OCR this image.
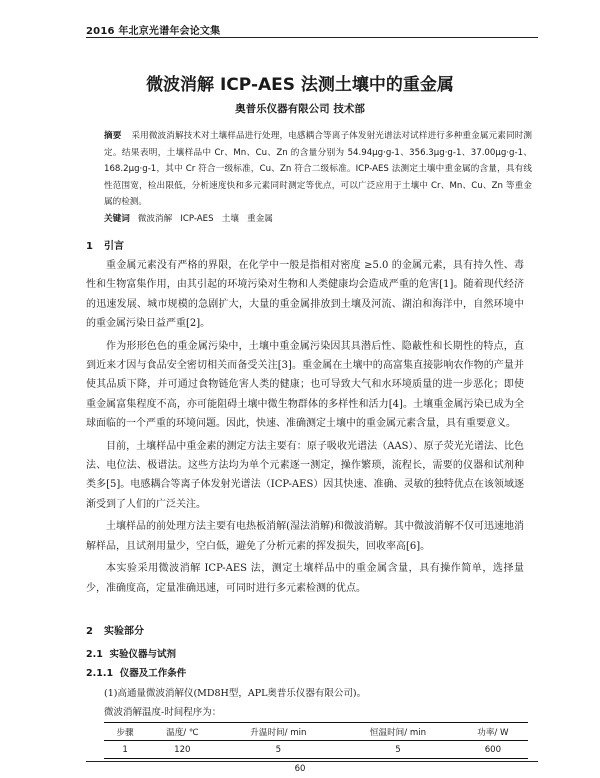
2016 年北京光谱年会论文集
微波消解 ICP-AES 法测土壤中的重金属
奥普乐仪器有限公司 技术部
摘要 采用微波消解技术对土壤样品进行处理，电感耦合等离子体发射光谱法对试样进行多种重金属元素同时测定。结果表明，土壤样品中 Cr、Mn、Cu、Zn 的含量分别为 54.94μg·g-1、356.3μg·g-1、37.00μg·g-1、168.2μg·g-1，其中 Cr 符合一级标准，Cu、Zn 符合二级标准。ICP-AES 法测定土壤中重金属的含量，具有线性范围宽，检出限低，分析速度快和多元素同时测定等优点，可以广泛应用于土壤中 Cr、Mn、Cu、Zn 等重金属的检测。
关键词 微波消解   ICP-AES   土壤   重金属
1 引言

重金属元素没有严格的界限，在化学中一般是指相对密度 ≥5.0 的金属元素，具有持久性、毒性和生物富集作用，由其引起的环境污染对生物和人类健康均会造成严重的危害[1]。随着现代经济的迅速发展、城市规模的急剧扩大，大量的重金属排放到土壤及河流、湖泊和海洋中，自然环境中的重金属污染日益严重[2]。

作为形形色色的重金属污染中，土壤中重金属污染因其具潜后性、隐蔽性和长期性的特点，直到近来才因与食品安全密切相关而备受关注[3]。重金属在土壤中的高富集直接影响农作物的产量并使其品质下降，并可通过食物链危害人类的健康；也可导致大气和水环境质量的进一步恶化；即使重金属富集程度不高，亦可能阻碍土壤中微生物群体的多样性和活力[4]。土壤重金属污染已成为全球面临的一个严重的环境问题。因此，快速、准确测定土壤中的重金属元素含量，具有重要意义。

目前，土壤样品中重金素的测定方法主要有：原子吸收光谱法（AAS）、原子荧光光谱法、比色法、电位法、极谱法。这些方法均为单个元素逐一测定，操作繁琐，流程长，需要的仪器和试剂种类多[5]。电感耦合等离子体发射光谱法（ICP-AES）因其快速、准确、灵敏的独特优点在该领域逐渐受到了人们的广泛关注。

土壤样品的前处理方法主要有电热板消解(湿法消解)和微波消解。其中微波消解不仅可迅速地消解样品，且试剂用量少，空白低，避免了分析元素的挥发损失，回收率高[6]。

本实验采用微波消解 ICP-AES 法，测定土壤样品中的重金属含量，具有操作简单，选择量少，准确度高，定量准确迅速，可同时进行多元素检测的优点。

2 实验部分
2.1 实验仪器与试剂
2.1.1 仪器及工作条件
(1)高通量微波消解仪(MD8H型，APL奥普乐仪器有限公司)。
微波消解温度-时间程序为：
步骤	温度/ ℃	升温时间/ min	恒温时间/ min	功率/ W
1	120	5	5	600
60
